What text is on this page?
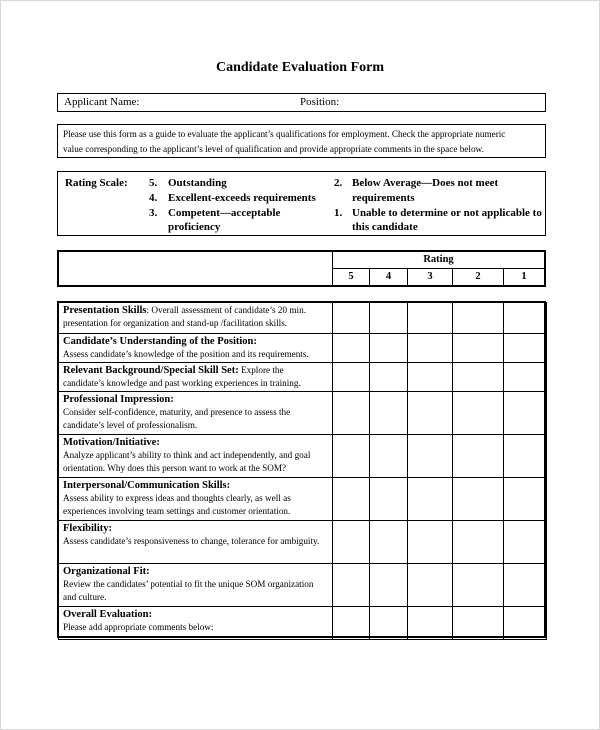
Candidate Evaluation Form
Applicant Name:	Position:
Please use this form as a guide to evaluate the applicant’s qualifications for employment. Check the appropriate numeric
value corresponding to the applicant’s level of qualification and provide appropriate comments in the space below.
Rating Scale: 5. Outstanding
4. Excellent-exceeds requirements
3. Competent—acceptable
proficiency
2. Below Average—Does not meet
requirements
1. Unable to determine or not applicable to
this candidate
Rating
5	4	3	2	1
Presentation Skills: Overall assessment of candidate’s 20 min.
presentation for organization and stand-up /facilitation skills.					

Candidate’s Understanding of the Position:
Assess candidate’s knowledge of the position and its requirements.					

Relevant Background/Special Skill Set: Explore the
candidate’s knowledge and past working experiences in training.					

Professional Impression:
Consider self-confidence, maturity, and presence to assess the candidate’s level of professionalism.					

Motivation/Initiative:
Analyze applicant’s ability to think and act independently, and goal orientation. Why does this person want to work at the SOM?					

Interpersonal/Communication Skills:
Assess ability to express ideas and thoughts clearly, as well as experiences involving team settings and customer orientation.					

Flexibility:
Assess candidate’s responsiveness to change, tolerance for ambiguity.					

Organizational Fit:
Review the candidates’ potential to fit the unique SOM organization and culture.					

Overall Evaluation:
Please add appropriate comments below:					
